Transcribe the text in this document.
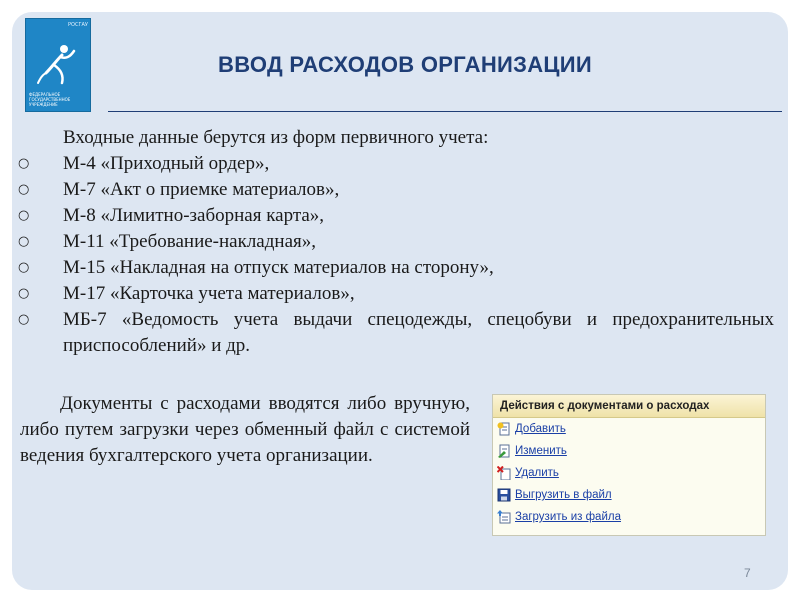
РОСГАУ
ФЕДЕРАЛЬНОЕ ГОСУДАРСТВЕННОЕ УЧРЕЖДЕНИЕ
ВВОД РАСХОДОВ ОРГАНИЗАЦИИ
Входные данные берутся из форм первичного учета:
○ М-4 «Приходный ордер»,
○ М-7 «Акт о приемке материалов»,
○ М-8 «Лимитно-заборная карта»,
○ М-11 «Требование-накладная»,
○ М-15 «Накладная на отпуск материалов на сторону»,
○ М-17 «Карточка учета материалов»,
○ МБ-7 «Ведомость учета выдачи спецодежды, спецобуви и предохранительных приспособлений» и др.
Документы с расходами вводятся либо вручную, либо путем загрузки через обменный файл с системой ведения бухгалтерского учета организации.
Действия с документами о расходах
Добавить
Изменить
Удалить
Выгрузить в файл
Загрузить из файла
7
